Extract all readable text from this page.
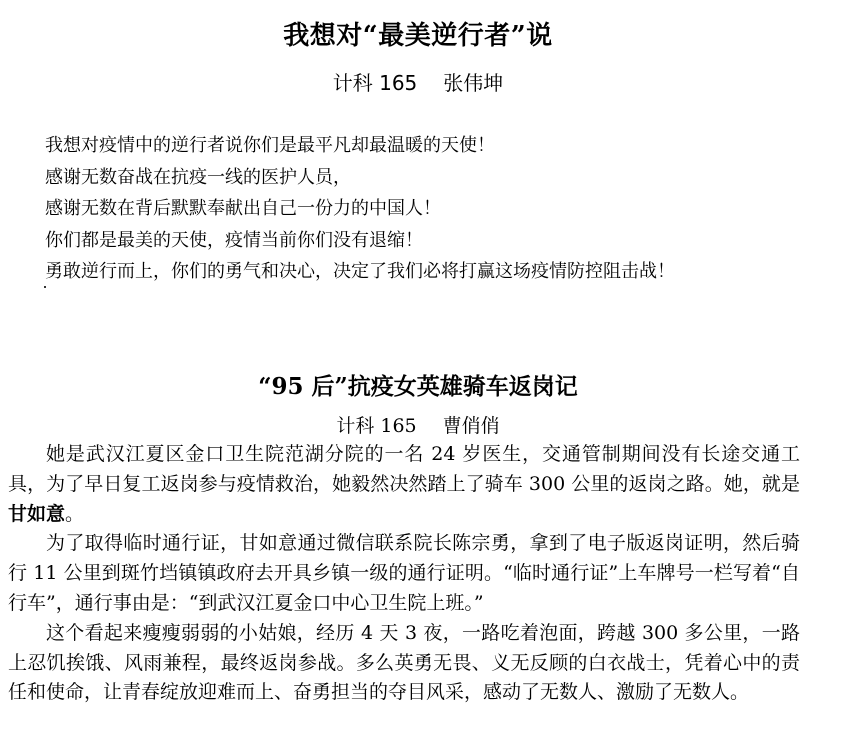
我想对“最美逆行者”说
计科 165 张伟坤
我想对疫情中的逆行者说你们是最平凡却最温暖的天使！
感谢无数奋战在抗疫一线的医护人员，
感谢无数在背后默默奉献出自己一份力的中国人！
你们都是最美的天使，疫情当前你们没有退缩！
勇敢逆行而上，你们的勇气和决心，决定了我们必将打赢这场疫情防控阻击战！
“95 后”抗疫女英雄骑车返岗记
计科 165 曹俏俏

她是武汉江夏区金口卫生院范湖分院的一名 24 岁医生，交通管制期间没有长途交通工具，为了早日复工返岗参与疫情救治，她毅然决然踏上了骑车 300 公里的返岗之路。她，就是甘如意。

为了取得临时通行证，甘如意通过微信联系院长陈宗勇，拿到了电子版返岗证明，然后骑行 11 公里到斑竹垱镇镇政府去开具乡镇一级的通行证明。“临时通行证”上车牌号一栏写着“自行车”，通行事由是：“到武汉江夏金口中心卫生院上班。”

这个看起来瘦瘦弱弱的小姑娘，经历 4 天 3 夜，一路吃着泡面，跨越 300 多公里，一路上忍饥挨饿、风雨兼程，最终返岗参战。多么英勇无畏、义无反顾的白衣战士，凭着心中的责任和使命，让青春绽放迎难而上、奋勇担当的夺目风采，感动了无数人、激励了无数人。
